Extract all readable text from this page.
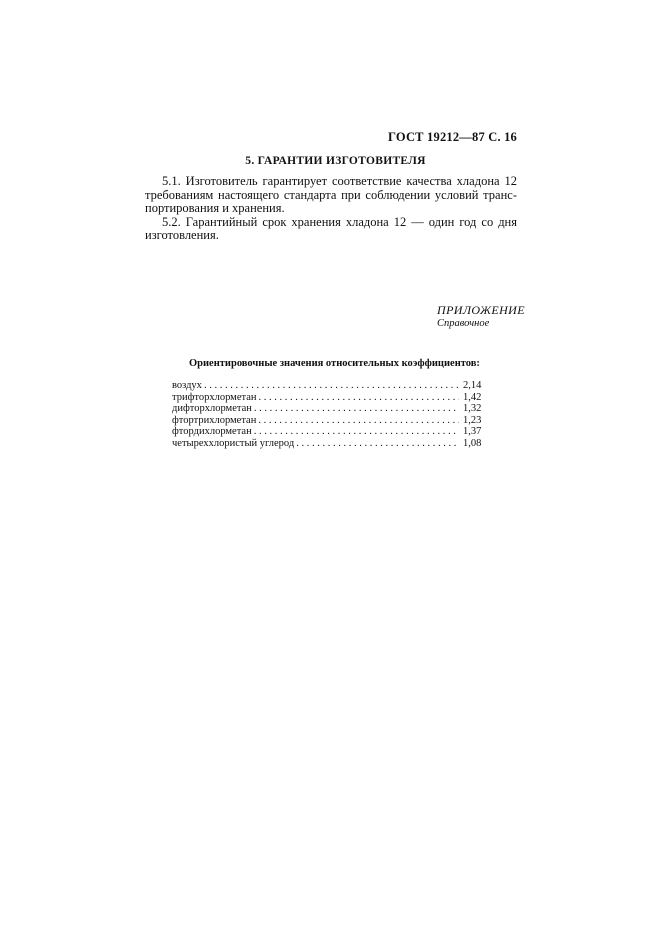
ГОСТ 19212—87 С. 16
5. ГАРАНТИИ ИЗГОТОВИТЕЛЯ

5.1. Изготовитель гарантирует соответствие качества хладона 12 требованиям настоящего стандарта при соблюдении условий транспортирования и хранения.

5.2. Гарантийный срок хранения хладона 12 — один год со дня изготовления.

ПРИЛОЖЕНИЕ
Справочное
Ориентировочные значения относительных коэффициентов:
воздух . . .	2,14
трифторхлорметан . . .	1,42
дифторхлорметан . . .	1,32
фтортрихлорметан . . .	1,23
фтордихлорметан . . .	1,37
четыреххлористый углерод . . .	1,08
